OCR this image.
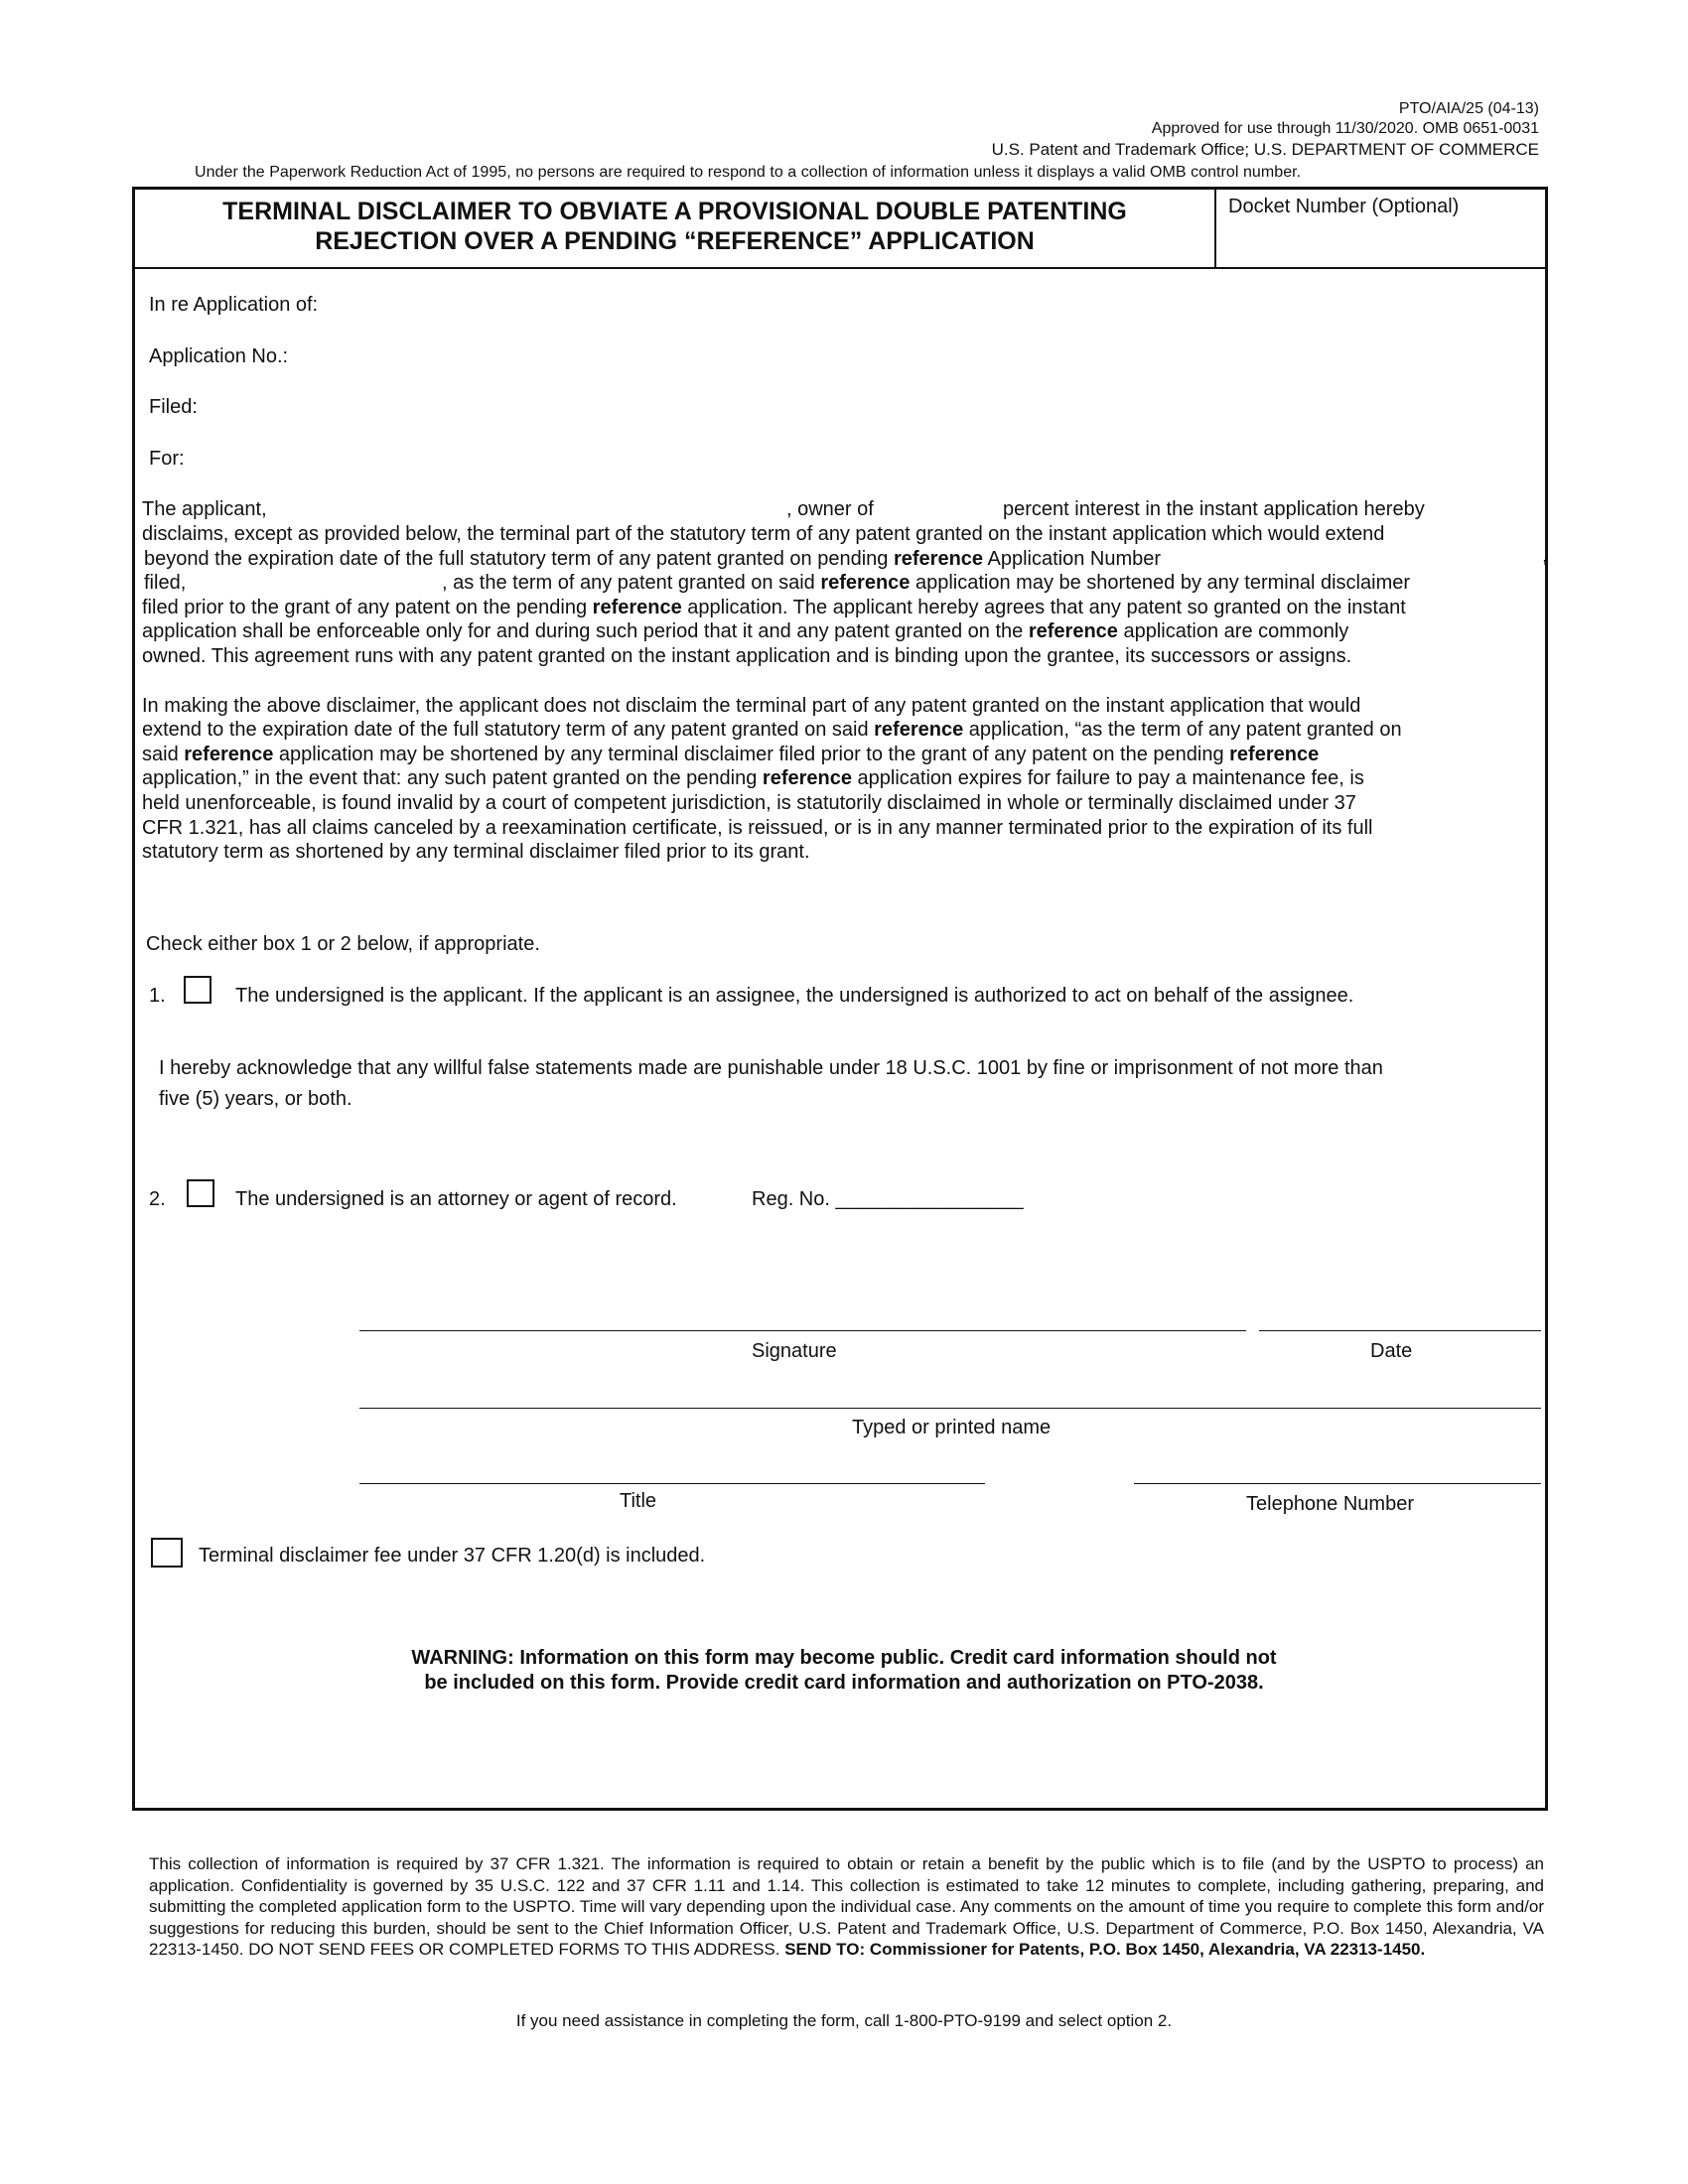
PTO/AIA/25 (04-13)
Approved for use through 11/30/2020. OMB 0651-0031
U.S. Patent and Trademark Office; U.S. DEPARTMENT OF COMMERCE
Under the Paperwork Reduction Act of 1995, no persons are required to respond to a collection of information unless it displays a valid OMB control number.
TERMINAL DISCLAIMER TO OBVIATE A PROVISIONAL DOUBLE PATENTING
REJECTION OVER A PENDING “REFERENCE” APPLICATION
Docket Number (Optional)
In re Application of:
Application No.:
Filed:
For:
The applicant,	, owner of	percent interest in the instant application hereby
disclaims, except as provided below, the terminal part of the statutory term of any patent granted on the instant application which would extend
beyond the expiration date of the full statutory term of any patent granted on pending reference Application Number	,
filed,	, as the term of any patent granted on said reference application may be shortened by any terminal disclaimer
filed prior to the grant of any patent on the pending reference application. The applicant hereby agrees that any patent so granted on the instant
application shall be enforceable only for and during such period that it and any patent granted on the reference application are commonly
owned. This agreement runs with any patent granted on the instant application and is binding upon the grantee, its successors or assigns.
In making the above disclaimer, the applicant does not disclaim the terminal part of any patent granted on the instant application that would
extend to the expiration date of the full statutory term of any patent granted on said reference application, “as the term of any patent granted on
said reference application may be shortened by any terminal disclaimer filed prior to the grant of any patent on the pending reference
application,” in the event that: any such patent granted on the pending reference application expires for failure to pay a maintenance fee, is
held unenforceable, is found invalid by a court of competent jurisdiction, is statutorily disclaimed in whole or terminally disclaimed under 37
CFR 1.321, has all claims canceled by a reexamination certificate, is reissued, or is in any manner terminated prior to the expiration of its full
statutory term as shortened by any terminal disclaimer filed prior to its grant.
Check either box 1 or 2 below, if appropriate.
1.	The undersigned is the applicant. If the applicant is an assignee, the undersigned is authorized to act on behalf of the assignee.
I hereby acknowledge that any willful false statements made are punishable under 18 U.S.C. 1001 by fine or imprisonment of not more than
five (5) years, or both.
2.	The undersigned is an attorney or agent of record.	Reg. No. _________________
Signature	Date
Typed or printed name
Title	Telephone Number
Terminal disclaimer fee under 37 CFR 1.20(d) is included.
WARNING: Information on this form may become public. Credit card information should not
be included on this form. Provide credit card information and authorization on PTO-2038.
This collection of information is required by 37 CFR 1.321. The information is required to obtain or retain a benefit by the public which is to file (and by the USPTO to process) an application. Confidentiality is governed by 35 U.S.C. 122 and 37 CFR 1.11 and 1.14. This collection is estimated to take 12 minutes to complete, including gathering, preparing, and submitting the completed application form to the USPTO. Time will vary depending upon the individual case. Any comments on the amount of time you require to complete this form and/or suggestions for reducing this burden, should be sent to the Chief Information Officer, U.S. Patent and Trademark Office, U.S. Department of Commerce, P.O. Box 1450, Alexandria, VA 22313-1450. DO NOT SEND FEES OR COMPLETED FORMS TO THIS ADDRESS. SEND TO: Commissioner for Patents, P.O. Box 1450, Alexandria, VA 22313-1450.
If you need assistance in completing the form, call 1-800-PTO-9199 and select option 2.
